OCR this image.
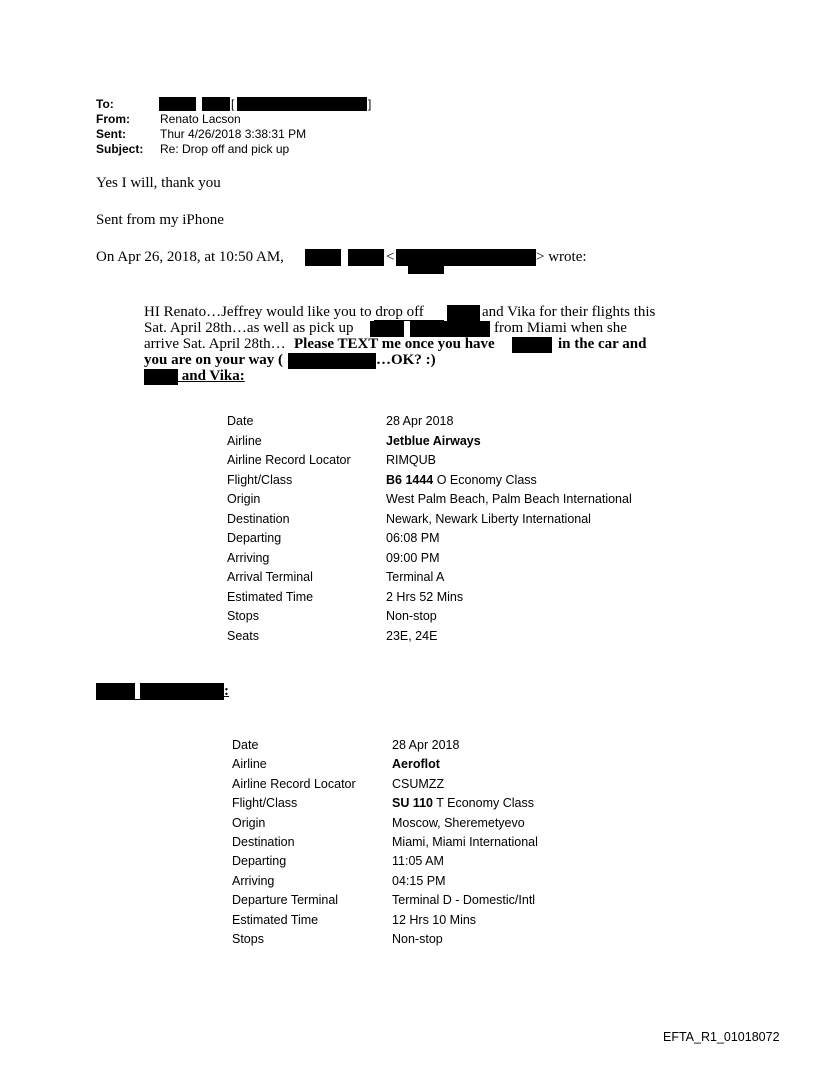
To:	[	]
From:	Renato Lacson
Sent:	Thur 4/26/2018 3:38:31 PM
Subject: Re: Drop off and pick up
Yes I will, thank you
Sent from my iPhone
On Apr 26, 2018, at 10:50 AM,	<	> wrote:
HI Renato…Jeffrey would like you to drop off	and Vika for their flights this
Sat. April 28th…as well as pick up	from Miami when she
arrive Sat. April 28th… Please TEXT me once you have	in the car and
you are on your way (	…OK? :)
and Vika:
Date	28 Apr 2018
Airline	Jetblue Airways
Airline Record Locator	RIMQUB
Flight/Class	B6 1444 O Economy Class
Origin	West Palm Beach, Palm Beach International
Destination	Newark, Newark Liberty International
Departing	06:08 PM
Arriving	09:00 PM
Arrival Terminal	Terminal A
Estimated Time	2 Hrs 52 Mins
Stops	Non-stop
Seats	23E, 24E
:
Date	28 Apr 2018
Airline	Aeroflot
Airline Record Locator	CSUMZZ
Flight/Class	SU 110 T Economy Class
Origin	Moscow, Sheremetyevo
Destination	Miami, Miami International
Departing	11:05 AM
Arriving	04:15 PM
Departure Terminal	Terminal D - Domestic/Intl
Estimated Time	12 Hrs 10 Mins
Stops	Non-stop
EFTA_R1_01018072
